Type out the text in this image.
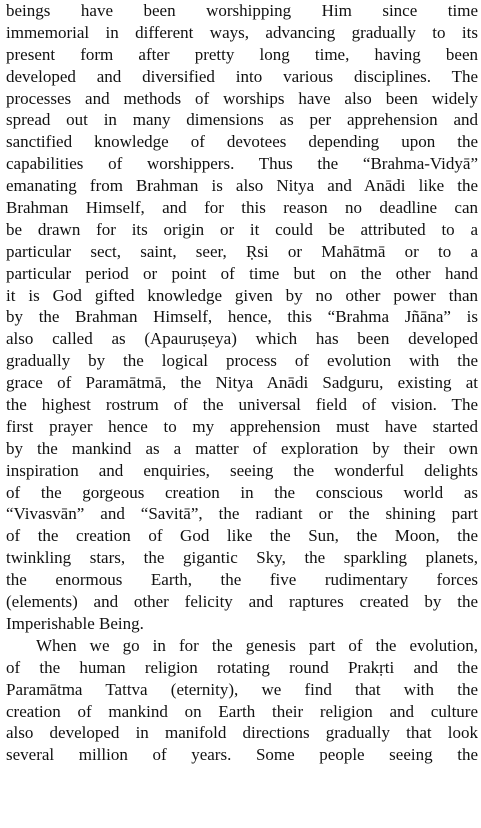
beings have been worshipping Him since time
immemorial in different ways, advancing gradually to its
present form after pretty long time, having been
developed and diversified into various disciplines. The
processes and methods of worships have also been widely
spread out in many dimensions as per apprehension and
sanctified knowledge of devotees depending upon the
capabilities of worshippers. Thus the “Brahma-Vidyā”
emanating from Brahman is also Nitya and Anādi like the
Brahman Himself, and for this reason no deadline can
be drawn for its origin or it could be attributed to a
particular sect, saint, seer, Ṛsi or Mahātmā or to a
particular period or point of time but on the other hand
it is God gifted knowledge given by no other power than
by the Brahman Himself, hence, this “Brahma Jñāna” is
also called as (Apauruṣeya) which has been developed
gradually by the logical process of evolution with the
grace of Paramātmā, the Nitya Anādi Sadguru, existing at
the highest rostrum of the universal field of vision. The
first prayer hence to my apprehension must have started
by the mankind as a matter of exploration by their own
inspiration and enquiries, seeing the wonderful delights
of the gorgeous creation in the conscious world as
“Vivasvān” and “Savitā”, the radiant or the shining part
of the creation of God like the Sun, the Moon, the
twinkling stars, the gigantic Sky, the sparkling planets,
the enormous Earth, the five rudimentary forces
(elements) and other felicity and raptures created by the
Imperishable Being.
When we go in for the genesis part of the evolution,
of the human religion rotating round Prakṛti and the
Paramātma Tattva (eternity), we find that with the
creation of mankind on Earth their religion and culture
also developed in manifold directions gradually that look
several million of years. Some people seeing the
